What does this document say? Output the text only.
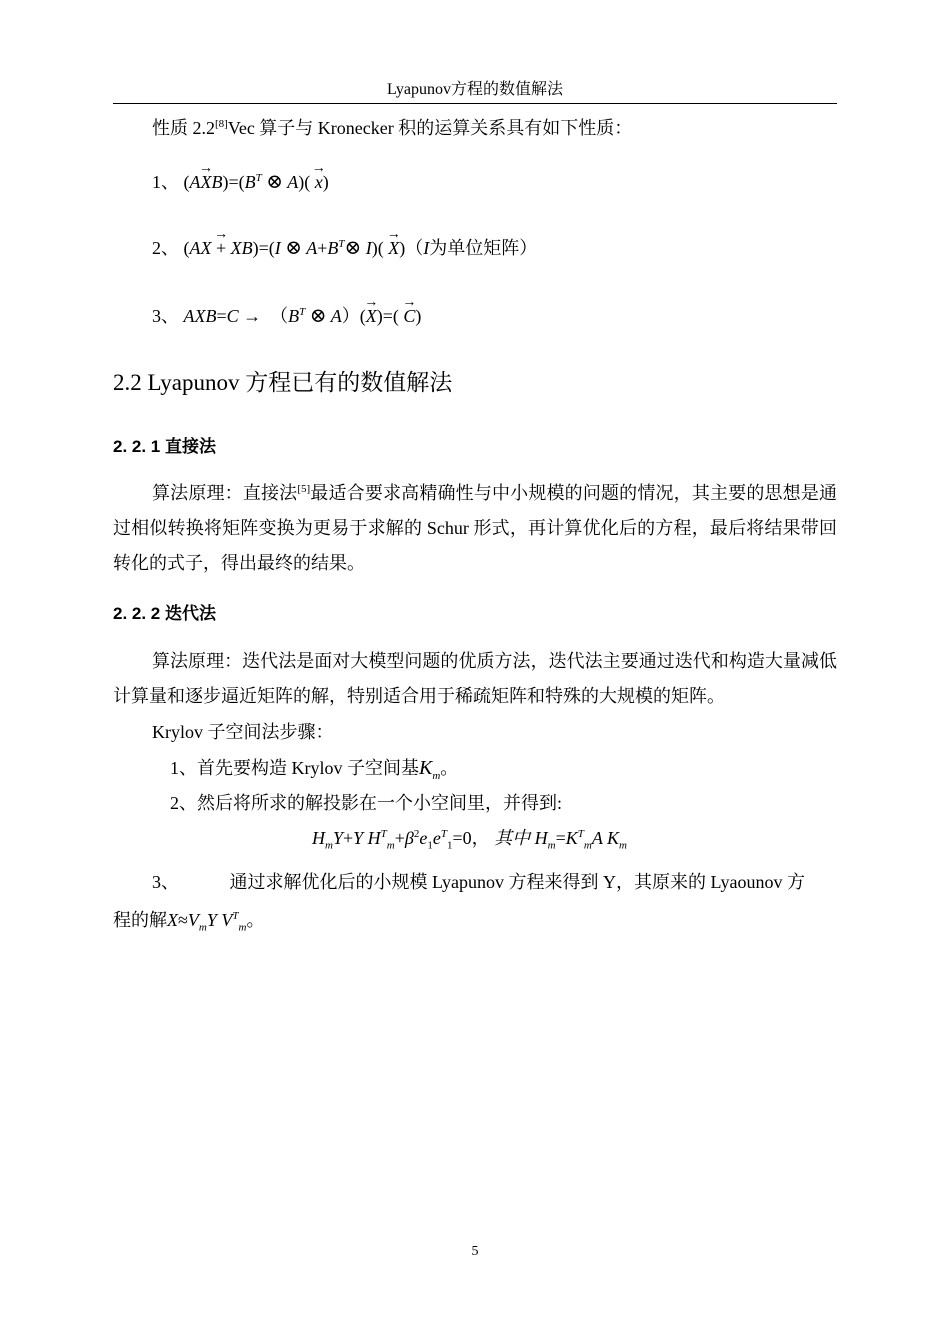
Lyapunov方程的数值解法
性质 2.2[8]Vec 算子与 Kronecker 积的运算关系具有如下性质：
1、 $(A\to XB)=(B^T$ ⊗ A)( → x)
2、 (AX → + XB)=(I ⊗ $A+B^T\otimes$ I)( → X)（I为单位矩阵）
3、 $AXB=C \to (B^T$ ⊗ A）(→ X)=( → C)
2.2 Lyapunov 方程已有的数值解法
2. 2. 1 直接法
算法原理：直接法[5]最适合要求高精确性与中小规模的问题的情况，其主要的思想是通过相似转换将矩阵变换为更易于求解的 Schur 形式，再计算优化后的方程，最后将结果带回转化的式子，得出最终的结果。
2. 2. 2 迭代法
算法原理：迭代法是面对大模型问题的优质方法，迭代法主要通过迭代和构造大量减低计算量和逐步逼近矩阵的解，特别适合用于稀疏矩阵和特殊的大规模的矩阵。
Krylov 子空间法步骤：
1、首先要构造 Krylov 子空间基$K_m$。
2、然后将所求的解投影在一个小空间里，并得到:
$H_mY+Y$ $H^T_m+\beta^2e_1e^T_1=0$， 其中 $H_m=K^T_mA$ $K_m$
3、	通过求解优化后的小规模 Lyapunov 方程来得到 Y，其原来的 Lyaounov 方
程的解$X\approx V_mY$ $V^T_m$。
5
